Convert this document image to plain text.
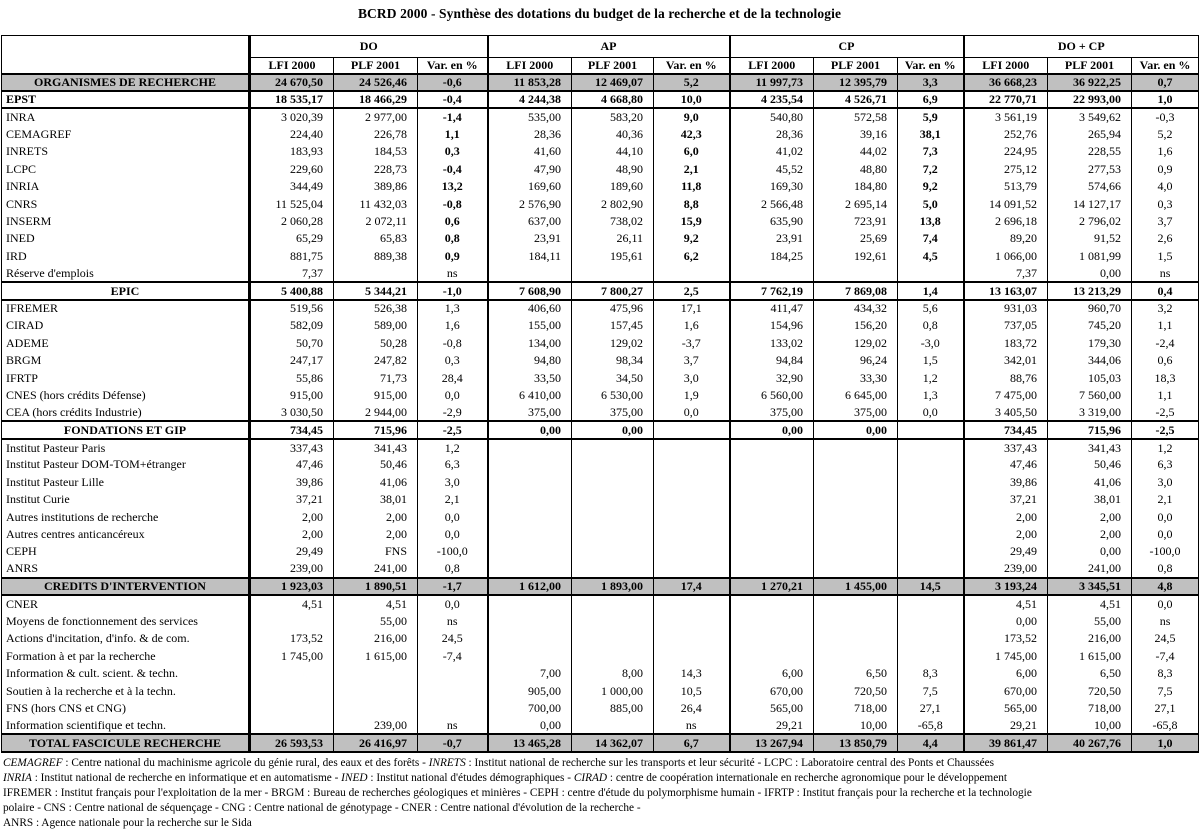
BCRD 2000 - Synthèse des dotations du budget de la recherche et de la technologie
	DO			AP			CP			DO + CP		
	LFI 2000	PLF 2001	Var. en %	LFI 2000	PLF 2001	Var. en %	LFI 2000	PLF 2001	Var. en %	LFI 2000	PLF 2001	Var. en %
ORGANISMES DE RECHERCHE	24 670,50	24 526,46	-0,6	11 853,28	12 469,07	5,2	11 997,73	12 395,79	3,3	36 668,23	36 922,25	0,7
EPST	18 535,17	18 466,29	-0,4	4 244,38	4 668,80	10,0	4 235,54	4 526,71	6,9	22 770,71	22 993,00	1,0
INRA	3 020,39	2 977,00	-1,4	535,00	583,20	9,0	540,80	572,58	5,9	3 561,19	3 549,62	-0,3
CEMAGREF	224,40	226,78	1,1	28,36	40,36	42,3	28,36	39,16	38,1	252,76	265,94	5,2
INRETS	183,93	184,53	0,3	41,60	44,10	6,0	41,02	44,02	7,3	224,95	228,55	1,6
LCPC	229,60	228,73	-0,4	47,90	48,90	2,1	45,52	48,80	7,2	275,12	277,53	0,9
INRIA	344,49	389,86	13,2	169,60	189,60	11,8	169,30	184,80	9,2	513,79	574,66	4,0
CNRS	11 525,04	11 432,03	-0,8	2 576,90	2 802,90	8,8	2 566,48	2 695,14	5,0	14 091,52	14 127,17	0,3
INSERM	2 060,28	2 072,11	0,6	637,00	738,02	15,9	635,90	723,91	13,8	2 696,18	2 796,02	3,7
INED	65,29	65,83	0,8	23,91	26,11	9,2	23,91	25,69	7,4	89,20	91,52	2,6
IRD	881,75	889,38	0,9	184,11	195,61	6,2	184,25	192,61	4,5	1 066,00	1 081,99	1,5
Réserve d'emplois	7,37		ns							7,37	0,00	ns
EPIC	5 400,88	5 344,21	-1,0	7 608,90	7 800,27	2,5	7 762,19	7 869,08	1,4	13 163,07	13 213,29	0,4
IFREMER	519,56	526,38	1,3	406,60	475,96	17,1	411,47	434,32	5,6	931,03	960,70	3,2
CIRAD	582,09	589,00	1,6	155,00	157,45	1,6	154,96	156,20	0,8	737,05	745,20	1,1
ADEME	50,70	50,28	-0,8	134,00	129,02	-3,7	133,02	129,02	-3,0	183,72	179,30	-2,4
BRGM	247,17	247,82	0,3	94,80	98,34	3,7	94,84	96,24	1,5	342,01	344,06	0,6
IFRTP	55,86	71,73	28,4	33,50	34,50	3,0	32,90	33,30	1,2	88,76	105,03	18,3
CNES (hors crédits Défense)	915,00	915,00	0,0	6 410,00	6 530,00	1,9	6 560,00	6 645,00	1,3	7 475,00	7 560,00	1,1
CEA (hors crédits Industrie)	3 030,50	2 944,00	-2,9	375,00	375,00	0,0	375,00	375,00	0,0	3 405,50	3 319,00	-2,5
FONDATIONS ET GIP	734,45	715,96	-2,5	0,00	0,00		0,00	0,00		734,45	715,96	-2,5
Institut Pasteur Paris	337,43	341,43	1,2							337,43	341,43	1,2
Institut Pasteur DOM-TOM+étranger	47,46	50,46	6,3							47,46	50,46	6,3
Institut Pasteur Lille	39,86	41,06	3,0							39,86	41,06	3,0
Institut Curie	37,21	38,01	2,1							37,21	38,01	2,1
Autres institutions de recherche	2,00	2,00	0,0							2,00	2,00	0,0
Autres centres anticancéreux	2,00	2,00	0,0							2,00	2,00	0,0
CEPH	29,49	FNS	-100,0							29,49	0,00	-100,0
ANRS	239,00	241,00	0,8							239,00	241,00	0,8
CREDITS D'INTERVENTION	1 923,03	1 890,51	-1,7	1 612,00	1 893,00	17,4	1 270,21	1 455,00	14,5	3 193,24	3 345,51	4,8
CNER	4,51	4,51	0,0							4,51	4,51	0,0
Moyens de fonctionnement des services		55,00	ns							0,00	55,00	ns
Actions d'incitation, d'info. & de com.	173,52	216,00	24,5							173,52	216,00	24,5
Formation à et par la recherche	1 745,00	1 615,00	-7,4							1 745,00	1 615,00	-7,4
Information & cult. scient. & techn.				7,00	8,00	14,3	6,00	6,50	8,3	6,00	6,50	8,3
Soutien à la recherche et à la techn.				905,00	1 000,00	10,5	670,00	720,50	7,5	670,00	720,50	7,5
FNS (hors CNS et CNG)				700,00	885,00	26,4	565,00	718,00	27,1	565,00	718,00	27,1
Information scientifique et techn.		239,00	ns	0,00		ns	29,21	10,00	-65,8	29,21	10,00	-65,8
TOTAL FASCICULE RECHERCHE	26 593,53	26 416,97	-0,7	13 465,28	14 362,07	6,7	13 267,94	13 850,79	4,4	39 861,47	40 267,76	1,0
CEMAGREF : Centre national du machinisme agricole du génie rural, des eaux et des forêts - INRETS : Institut national de recherche sur les transports et leur sécurité - LCPC : Laboratoire central des Ponts et Chaussées
INRIA : Institut national de recherche en informatique et en automatisme - INED : Institut national d'études démographiques - CIRAD : centre de coopération internationale en recherche agronomique pour le développement
IFREMER : Institut français pour l'exploitation de la mer - BRGM : Bureau de recherches géologiques et minières - CEPH : centre d'étude du polymorphisme humain - IFRTP : Institut français pour la recherche et la technologie
polaire - CNS : Centre national de séquençage - CNG : Centre national de génotypage - CNER : Centre national d'évolution de la recherche -
ANRS : Agence nationale pour la recherche sur le Sida
